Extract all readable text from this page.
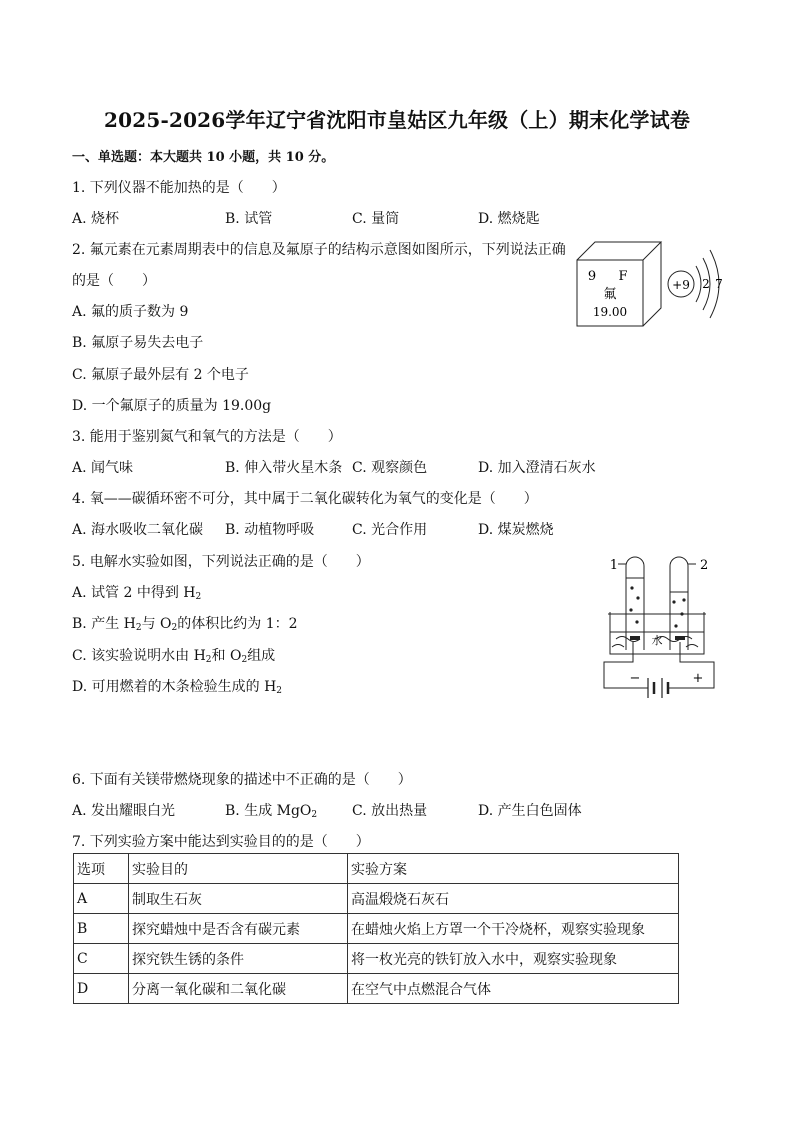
2025-2026学年辽宁省沈阳市皇姑区九年级（上）期末化学试卷
一、单选题：本大题共 10 小题，共 10 分。
1. 下列仪器不能加热的是（　　）
A. 烧杯	B. 试管	C. 量筒	D. 燃烧匙
2. 氟元素在元素周期表中的信息及氟原子的结构示意图如图所示，下列说法正确
的是（　　）
A. 氟的质子数为 9
B. 氟原子易失去电子
C. 氟原子最外层有 2 个电子
D. 一个氟原子的质量为 19.00g
9 F
氟
19.00
+9 2 7
3. 能用于鉴别氮气和氧气的方法是（　　）
A. 闻气味	B. 伸入带火星木条 C. 观察颜色	D. 加入澄清石灰水
4. 氧——碳循环密不可分，其中属于二氧化碳转化为氧气的变化是（　　）
A. 海水吸收二氧化碳 B. 动植物呼吸	C. 光合作用	D. 煤炭燃烧
5. 电解水实验如图，下列说法正确的是（　　）
A. 试管 2 中得到 $H_2$
B. 产生 $H_2$与 $O_2$的体积比约为 1：2
C. 该实验说明水由 $H_2$和 $O_2$组成
D. 可用燃着的木条检验生成的 $H_2$
1	2
水
−	+
6. 下面有关镁带燃烧现象的描述中不正确的是（　　）
A. 发出耀眼白光	B. 生成 MgO$_2$ C. 放出热量	D. 产生白色固体
7. 下列实验方案中能达到实验目的的是（　　）
选项	实验目的	实验方案
A	制取生石灰	高温煅烧石灰石
B	探究蜡烛中是否含有碳元素	在蜡烛火焰上方罩一个干冷烧杯，观察实验现象
C	探究铁生锈的条件	将一枚光亮的铁钉放入水中，观察实验现象
D	分离一氧化碳和二氧化碳	在空气中点燃混合气体
